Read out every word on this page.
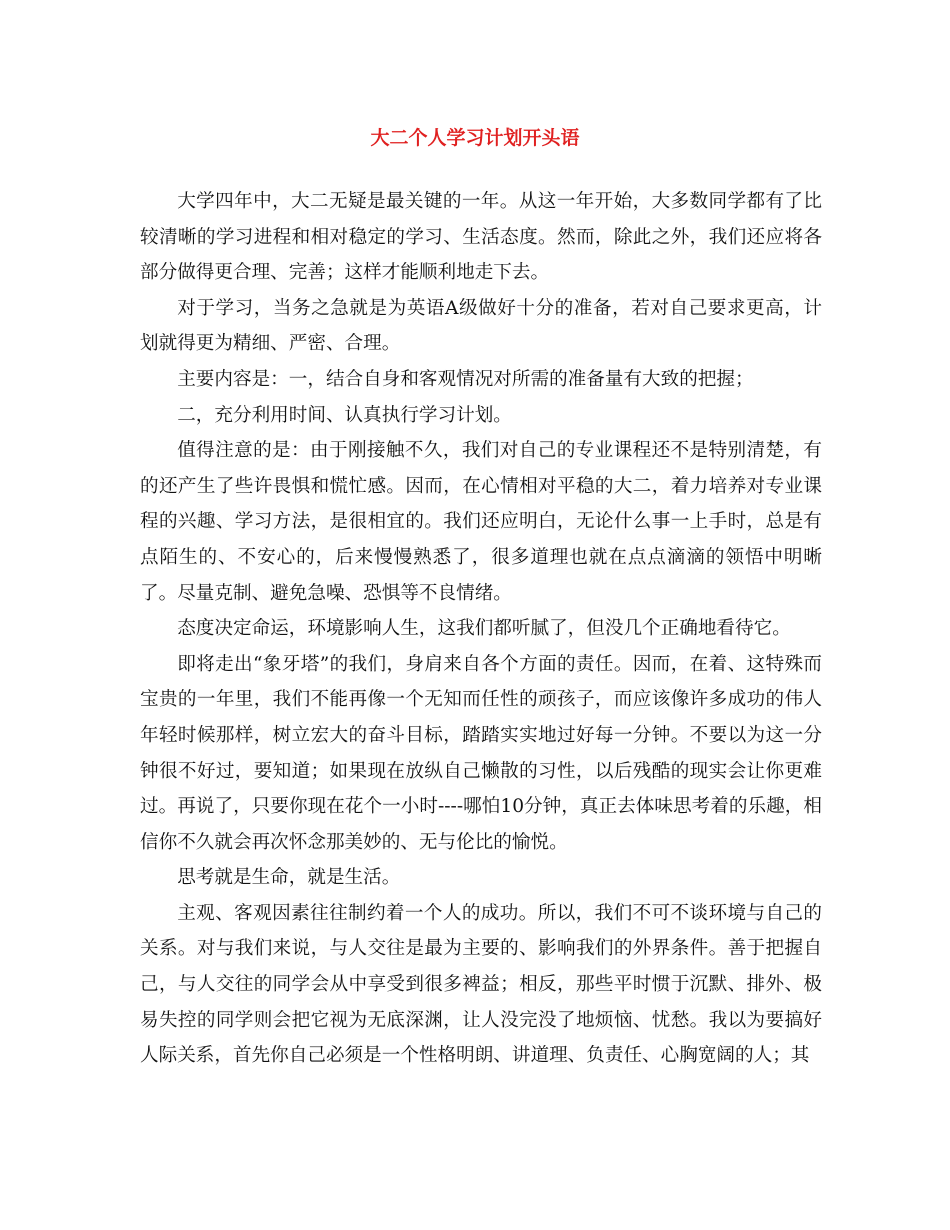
大二个人学习计划开头语

大学四年中，大二无疑是最关键的一年。从这一年开始，大多数同学都有了比较清晰的学习进程和相对稳定的学习、生活态度。然而，除此之外，我们还应将各部分做得更合理、完善；这样才能顺利地走下去。

对于学习，当务之急就是为英语A级做好十分的准备，若对自己要求更高，计划就得更为精细、严密、合理。

主要内容是：一，结合自身和客观情况对所需的准备量有大致的把握；

二，充分利用时间、认真执行学习计划。

值得注意的是：由于刚接触不久，我们对自己的专业课程还不是特别清楚，有的还产生了些许畏惧和慌忙感。因而，在心情相对平稳的大二，着力培养对专业课程的兴趣、学习方法，是很相宜的。我们还应明白，无论什么事一上手时，总是有点陌生的、不安心的，后来慢慢熟悉了，很多道理也就在点点滴滴的领悟中明晰了。尽量克制、避免急噪、恐惧等不良情绪。

态度决定命运，环境影响人生，这我们都听腻了，但没几个正确地看待它。

即将走出“象牙塔”的我们，身肩来自各个方面的责任。因而，在着、这特殊而宝贵的一年里，我们不能再像一个无知而任性的顽孩子，而应该像许多成功的伟人年轻时候那样，树立宏大的奋斗目标，踏踏实实地过好每一分钟。不要以为这一分钟很不好过，要知道；如果现在放纵自己懒散的习性，以后残酷的现实会让你更难过。再说了，只要你现在花个一小时----哪怕10分钟，真正去体味思考着的乐趣，相信你不久就会再次怀念那美妙的、无与伦比的愉悦。

思考就是生命，就是生活。

主观、客观因素往往制约着一个人的成功。所以，我们不可不谈环境与自己的关系。对与我们来说，与人交往是最为主要的、影响我们的外界条件。善于把握自己，与人交往的同学会从中享受到很多裨益；相反，那些平时惯于沉默、排外、极易失控的同学则会把它视为无底深渊，让人没完没了地烦恼、忧愁。我以为要搞好人际关系，首先你自己必须是一个性格明朗、讲道理、负责任、心胸宽阔的人；其
